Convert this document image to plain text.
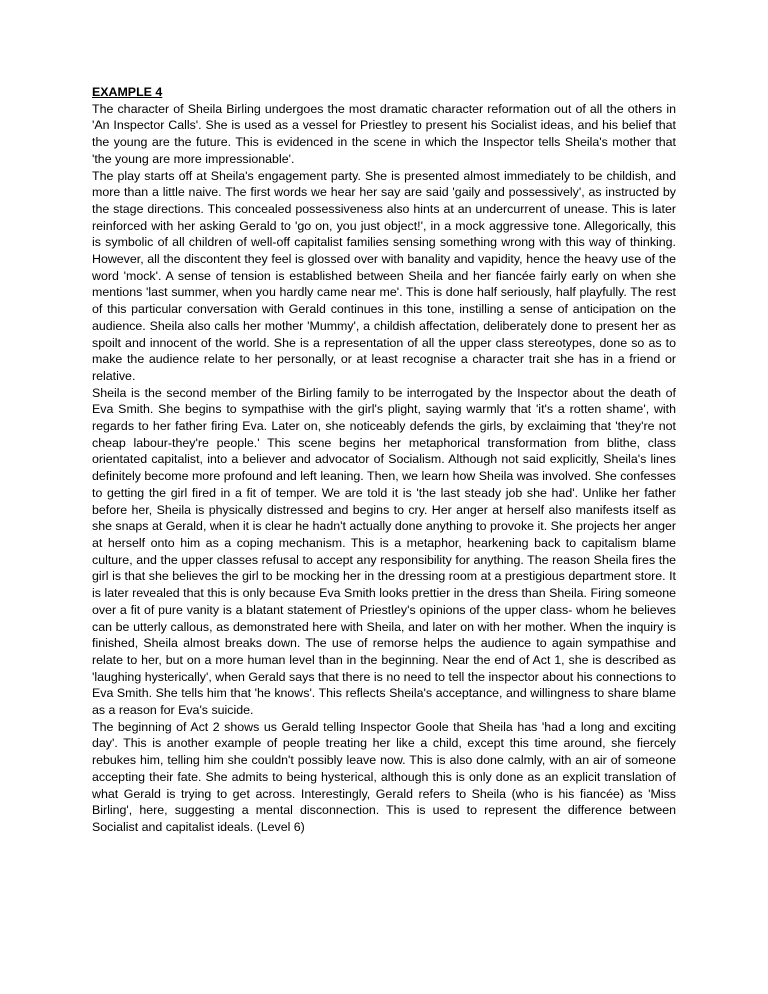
EXAMPLE 4

The character of Sheila Birling undergoes the most dramatic character reformation out of all the others in 'An Inspector Calls'. She is used as a vessel for Priestley to present his Socialist ideas, and his belief that the young are the future. This is evidenced in the scene in which the Inspector tells Sheila's mother that 'the young are more impressionable'.

The play starts off at Sheila's engagement party. She is presented almost immediately to be childish, and more than a little naive. The first words we hear her say are said 'gaily and possessively', as instructed by the stage directions. This concealed possessiveness also hints at an undercurrent of unease. This is later reinforced with her asking Gerald to 'go on, you just object!', in a mock aggressive tone. Allegorically, this is symbolic of all children of well-off capitalist families sensing something wrong with this way of thinking. However, all the discontent they feel is glossed over with banality and vapidity, hence the heavy use of the word 'mock'. A sense of tension is established between Sheila and her fiancée fairly early on when she mentions 'last summer, when you hardly came near me'. This is done half seriously, half playfully. The rest of this particular conversation with Gerald continues in this tone, instilling a sense of anticipation on the audience. Sheila also calls her mother 'Mummy', a childish affectation, deliberately done to present her as spoilt and innocent of the world. She is a representation of all the upper class stereotypes, done so as to make the audience relate to her personally, or at least recognise a character trait she has in a friend or relative.

Sheila is the second member of the Birling family to be interrogated by the Inspector about the death of Eva Smith. She begins to sympathise with the girl's plight, saying warmly that 'it's a rotten shame', with regards to her father firing Eva. Later on, she noticeably defends the girls, by exclaiming that 'they're not cheap labour-they're people.' This scene begins her metaphorical transformation from blithe, class orientated capitalist, into a believer and advocator of Socialism. Although not said explicitly, Sheila's lines definitely become more profound and left leaning. Then, we learn how Sheila was involved. She confesses to getting the girl fired in a fit of temper. We are told it is 'the last steady job she had'. Unlike her father before her, Sheila is physically distressed and begins to cry. Her anger at herself also manifests itself as she snaps at Gerald, when it is clear he hadn't actually done anything to provoke it. She projects her anger at herself onto him as a coping mechanism. This is a metaphor, hearkening back to capitalism blame culture, and the upper classes refusal to accept any responsibility for anything. The reason Sheila fires the girl is that she believes the girl to be mocking her in the dressing room at a prestigious department store. It is later revealed that this is only because Eva Smith looks prettier in the dress than Sheila. Firing someone over a fit of pure vanity is a blatant statement of Priestley's opinions of the upper class- whom he believes can be utterly callous, as demonstrated here with Sheila, and later on with her mother. When the inquiry is finished, Sheila almost breaks down. The use of remorse helps the audience to again sympathise and relate to her, but on a more human level than in the beginning. Near the end of Act 1, she is described as 'laughing hysterically', when Gerald says that there is no need to tell the inspector about his connections to Eva Smith. She tells him that 'he knows'. This reflects Sheila's acceptance, and willingness to share blame as a reason for Eva's suicide.

The beginning of Act 2 shows us Gerald telling Inspector Goole that Sheila has 'had a long and exciting day'. This is another example of people treating her like a child, except this time around, she fiercely rebukes him, telling him she couldn't possibly leave now. This is also done calmly, with an air of someone accepting their fate. She admits to being hysterical, although this is only done as an explicit translation of what Gerald is trying to get across. Interestingly, Gerald refers to Sheila (who is his fiancée) as 'Miss Birling', here, suggesting a mental disconnection. This is used to represent the difference between Socialist and capitalist ideals. (Level 6)
